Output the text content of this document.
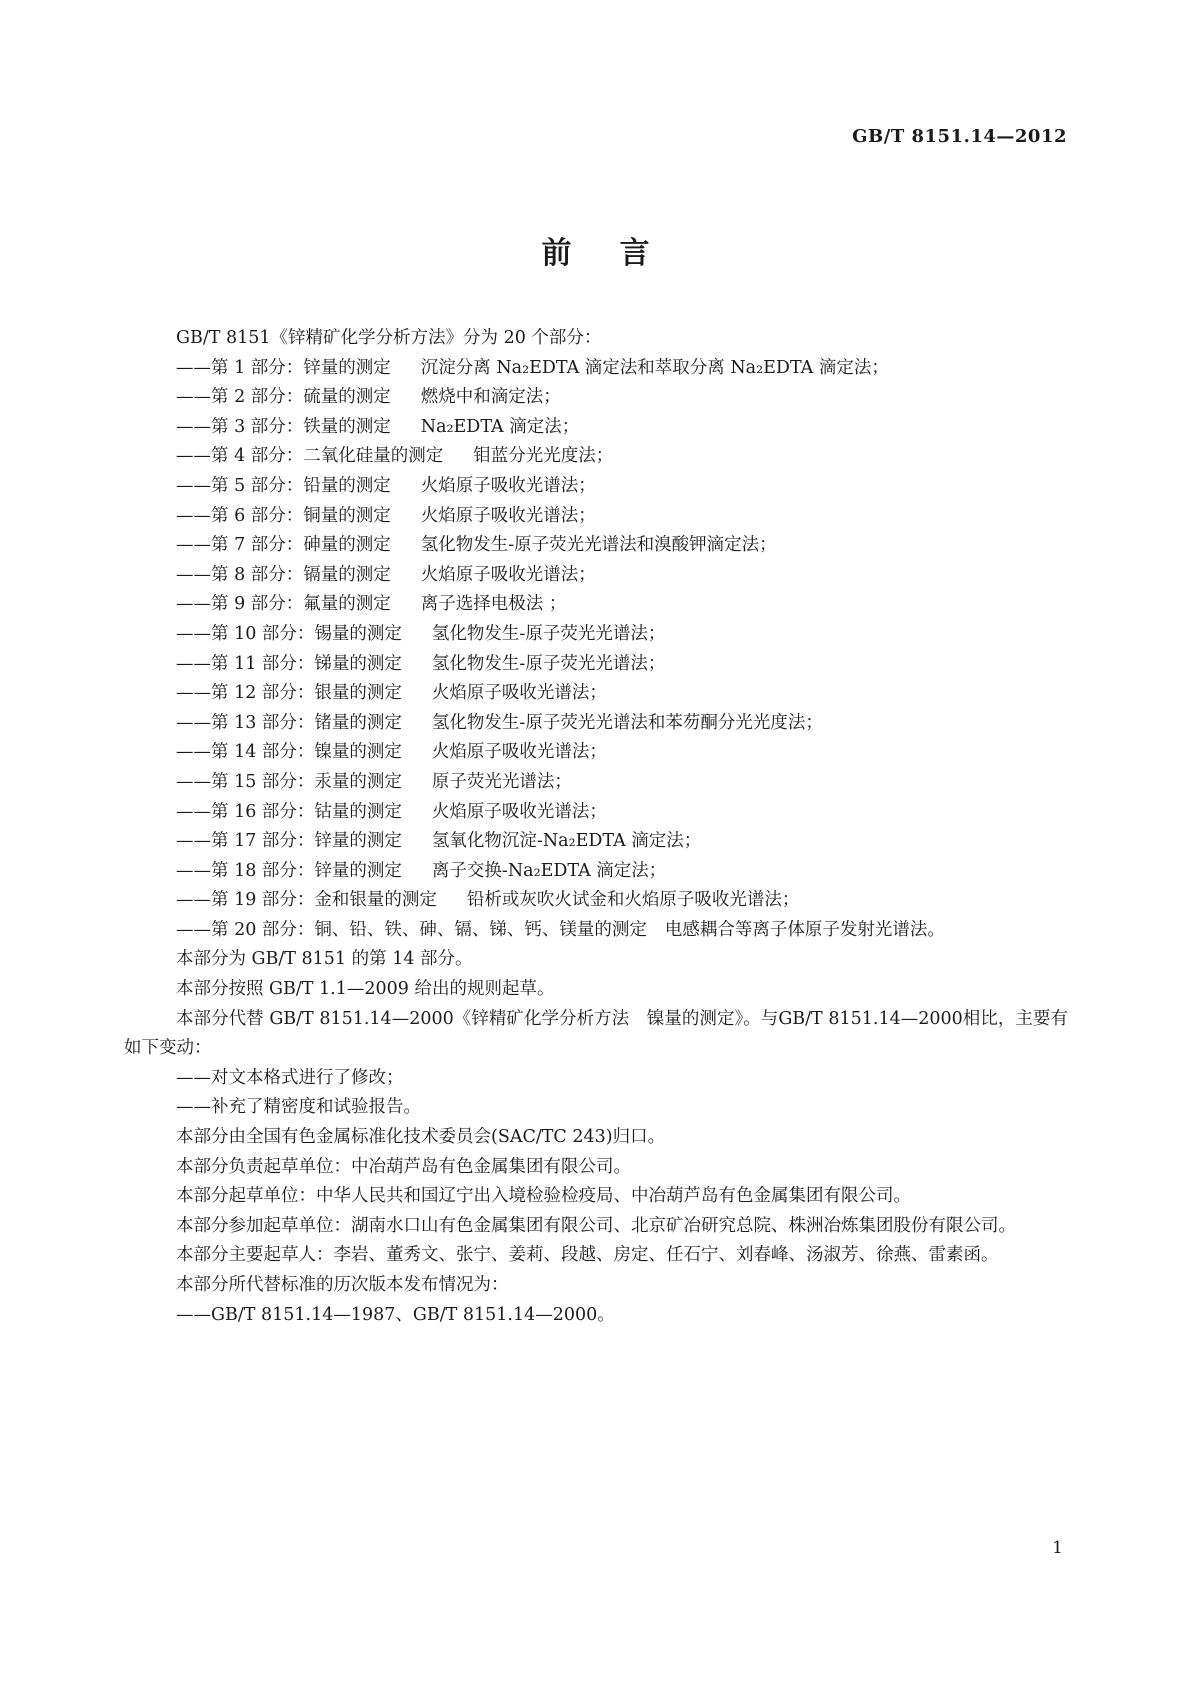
GB/T 8151.14—2012
前言
GB/T 8151《锌精矿化学分析方法》分为 20 个部分：
——第 1 部分：锌量的测定 沉淀分离 Na₂EDTA 滴定法和萃取分离 Na₂EDTA 滴定法；
——第 2 部分：硫量的测定 燃烧中和滴定法；
——第 3 部分：铁量的测定 Na₂EDTA 滴定法；
——第 4 部分：二氧化硅量的测定 钼蓝分光光度法；
——第 5 部分：铅量的测定 火焰原子吸收光谱法；
——第 6 部分：铜量的测定 火焰原子吸收光谱法；
——第 7 部分：砷量的测定 氢化物发生-原子荧光光谱法和溴酸钾滴定法；
——第 8 部分：镉量的测定 火焰原子吸收光谱法；
——第 9 部分：氟量的测定 离子选择电极法 ；
——第 10 部分：锡量的测定 氢化物发生-原子荧光光谱法；
——第 11 部分：锑量的测定 氢化物发生-原子荧光光谱法；
——第 12 部分：银量的测定 火焰原子吸收光谱法；
——第 13 部分：锗量的测定 氢化物发生-原子荧光光谱法和苯芴酮分光光度法；
——第 14 部分：镍量的测定 火焰原子吸收光谱法；
——第 15 部分：汞量的测定 原子荧光光谱法；
——第 16 部分：钴量的测定 火焰原子吸收光谱法；
——第 17 部分：锌量的测定 氢氧化物沉淀-Na₂EDTA 滴定法；
——第 18 部分：锌量的测定 离子交换-Na₂EDTA 滴定法；
——第 19 部分：金和银量的测定 铅析或灰吹火试金和火焰原子吸收光谱法；
——第 20 部分：铜、铅、铁、砷、镉、锑、钙、镁量的测定 电感耦合等离子体原子发射光谱法。
本部分为 GB/T 8151 的第 14 部分。
本部分按照 GB/T 1.1—2009 给出的规则起草。
本部分代替 GB/T 8151.14—2000《锌精矿化学分析方法　镍量的测定》。与GB/T 8151.14—2000相比，主要有如下变动：
——对文本格式进行了修改；
——补充了精密度和试验报告。
本部分由全国有色金属标准化技术委员会(SAC/TC 243)归口。
本部分负责起草单位：中冶葫芦岛有色金属集团有限公司。
本部分起草单位：中华人民共和国辽宁出入境检验检疫局、中冶葫芦岛有色金属集团有限公司。
本部分参加起草单位：湖南水口山有色金属集团有限公司、北京矿冶研究总院、株洲冶炼集团股份有限公司。
本部分主要起草人：李岩、董秀文、张宁、姜莉、段越、房定、任石宁、刘春峰、汤淑芳、徐燕、雷素函。
本部分所代替标准的历次版本发布情况为：
——GB/T 8151.14—1987、GB/T 8151.14—2000。
1
